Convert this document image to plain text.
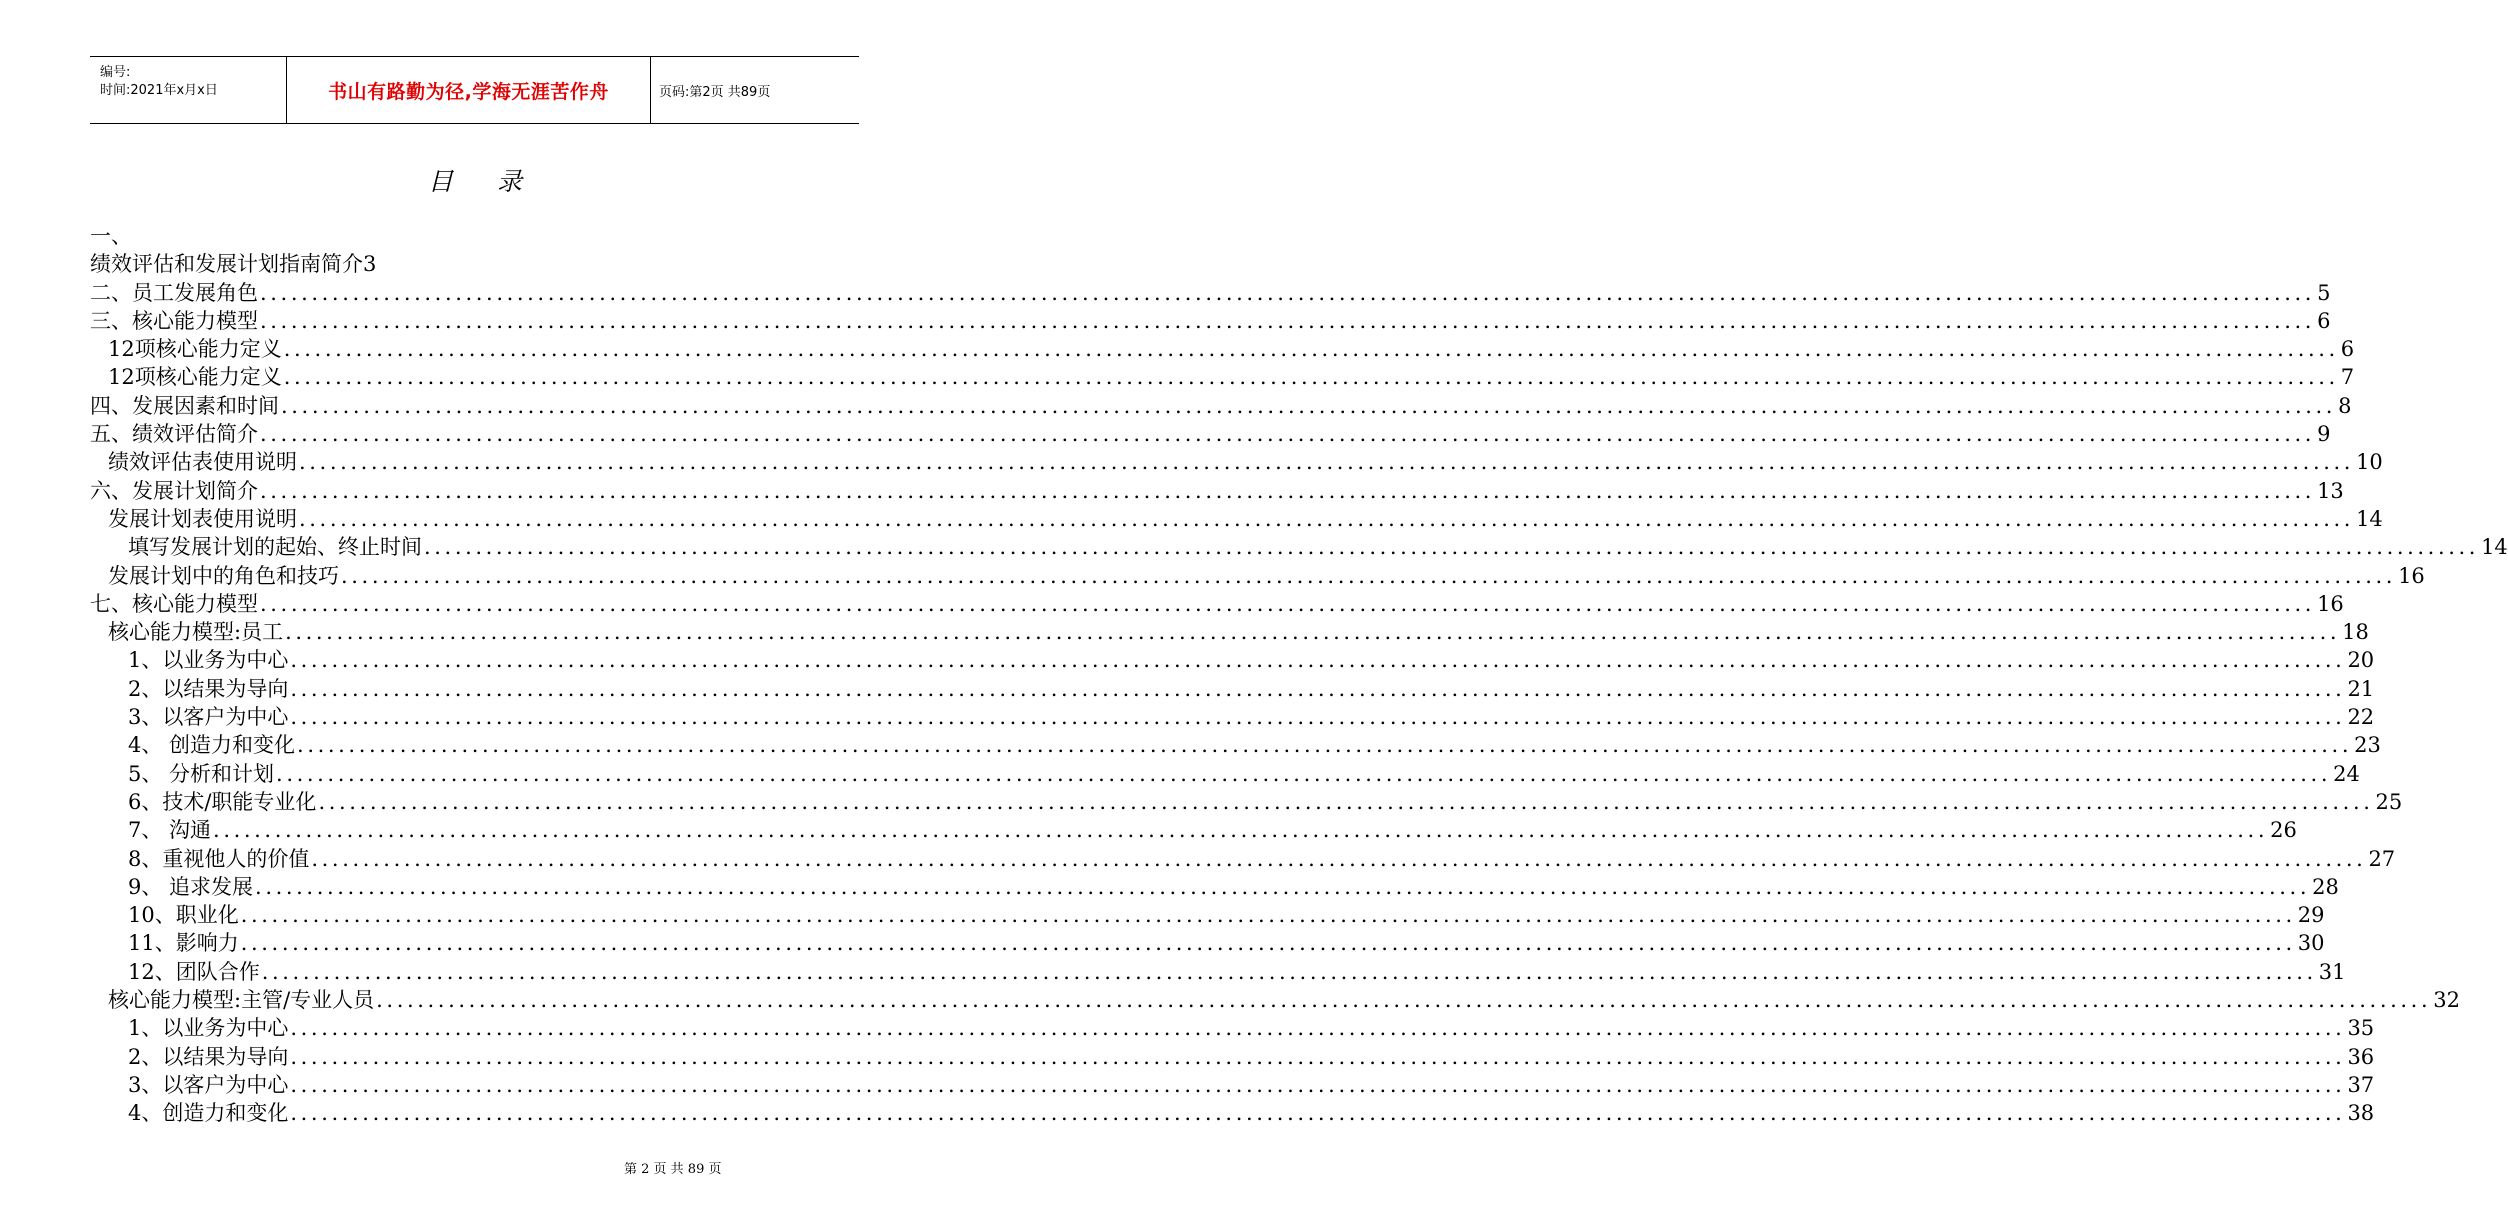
编号:
时间:2021年x月x日	书山有路勤为径,学海无涯苦作舟	页码:第2页 共89页
目录
一、
绩效评估和发展计划指南简介3
二、员工发展角色 ........................................................................................................................................................................................................ 5
三、核心能力模型 ........................................................................................................................................................................................................ 6
12项核心能力定义 ........................................................................................................................................................................................................ 6
12项核心能力定义 ........................................................................................................................................................................................................ 7
四、发展因素和时间 ........................................................................................................................................................................................................ 8
五、绩效评估简介 ........................................................................................................................................................................................................ 9
绩效评估表使用说明 ........................................................................................................................................................................................................ 10
六、发展计划简介 ........................................................................................................................................................................................................ 13
发展计划表使用说明 ........................................................................................................................................................................................................ 14
填写发展计划的起始、终止时间 ........................................................................................................................................................................................................ 14
发展计划中的角色和技巧 ........................................................................................................................................................................................................ 16
七、核心能力模型 ........................................................................................................................................................................................................ 16
核心能力模型:员工 ........................................................................................................................................................................................................ 18
1、以业务为中心 ........................................................................................................................................................................................................ 20
2、以结果为导向 ........................................................................................................................................................................................................ 21
3、以客户为中心 ........................................................................................................................................................................................................ 22
4、 创造力和变化 ........................................................................................................................................................................................................ 23
5、 分析和计划 ........................................................................................................................................................................................................ 24
6、技术/职能专业化 ........................................................................................................................................................................................................ 25
7、 沟通 ........................................................................................................................................................................................................ 26
8、重视他人的价值 ........................................................................................................................................................................................................ 27
9、 追求发展 ........................................................................................................................................................................................................ 28
10、职业化 ........................................................................................................................................................................................................ 29
11、影响力 ........................................................................................................................................................................................................ 30
12、团队合作 ........................................................................................................................................................................................................ 31
核心能力模型:主管/专业人员 ........................................................................................................................................................................................................ 32
1、以业务为中心 ........................................................................................................................................................................................................ 35
2、以结果为导向 ........................................................................................................................................................................................................ 36
3、以客户为中心 ........................................................................................................................................................................................................ 37
4、创造力和变化 ........................................................................................................................................................................................................ 38
第 2 页 共 89 页
